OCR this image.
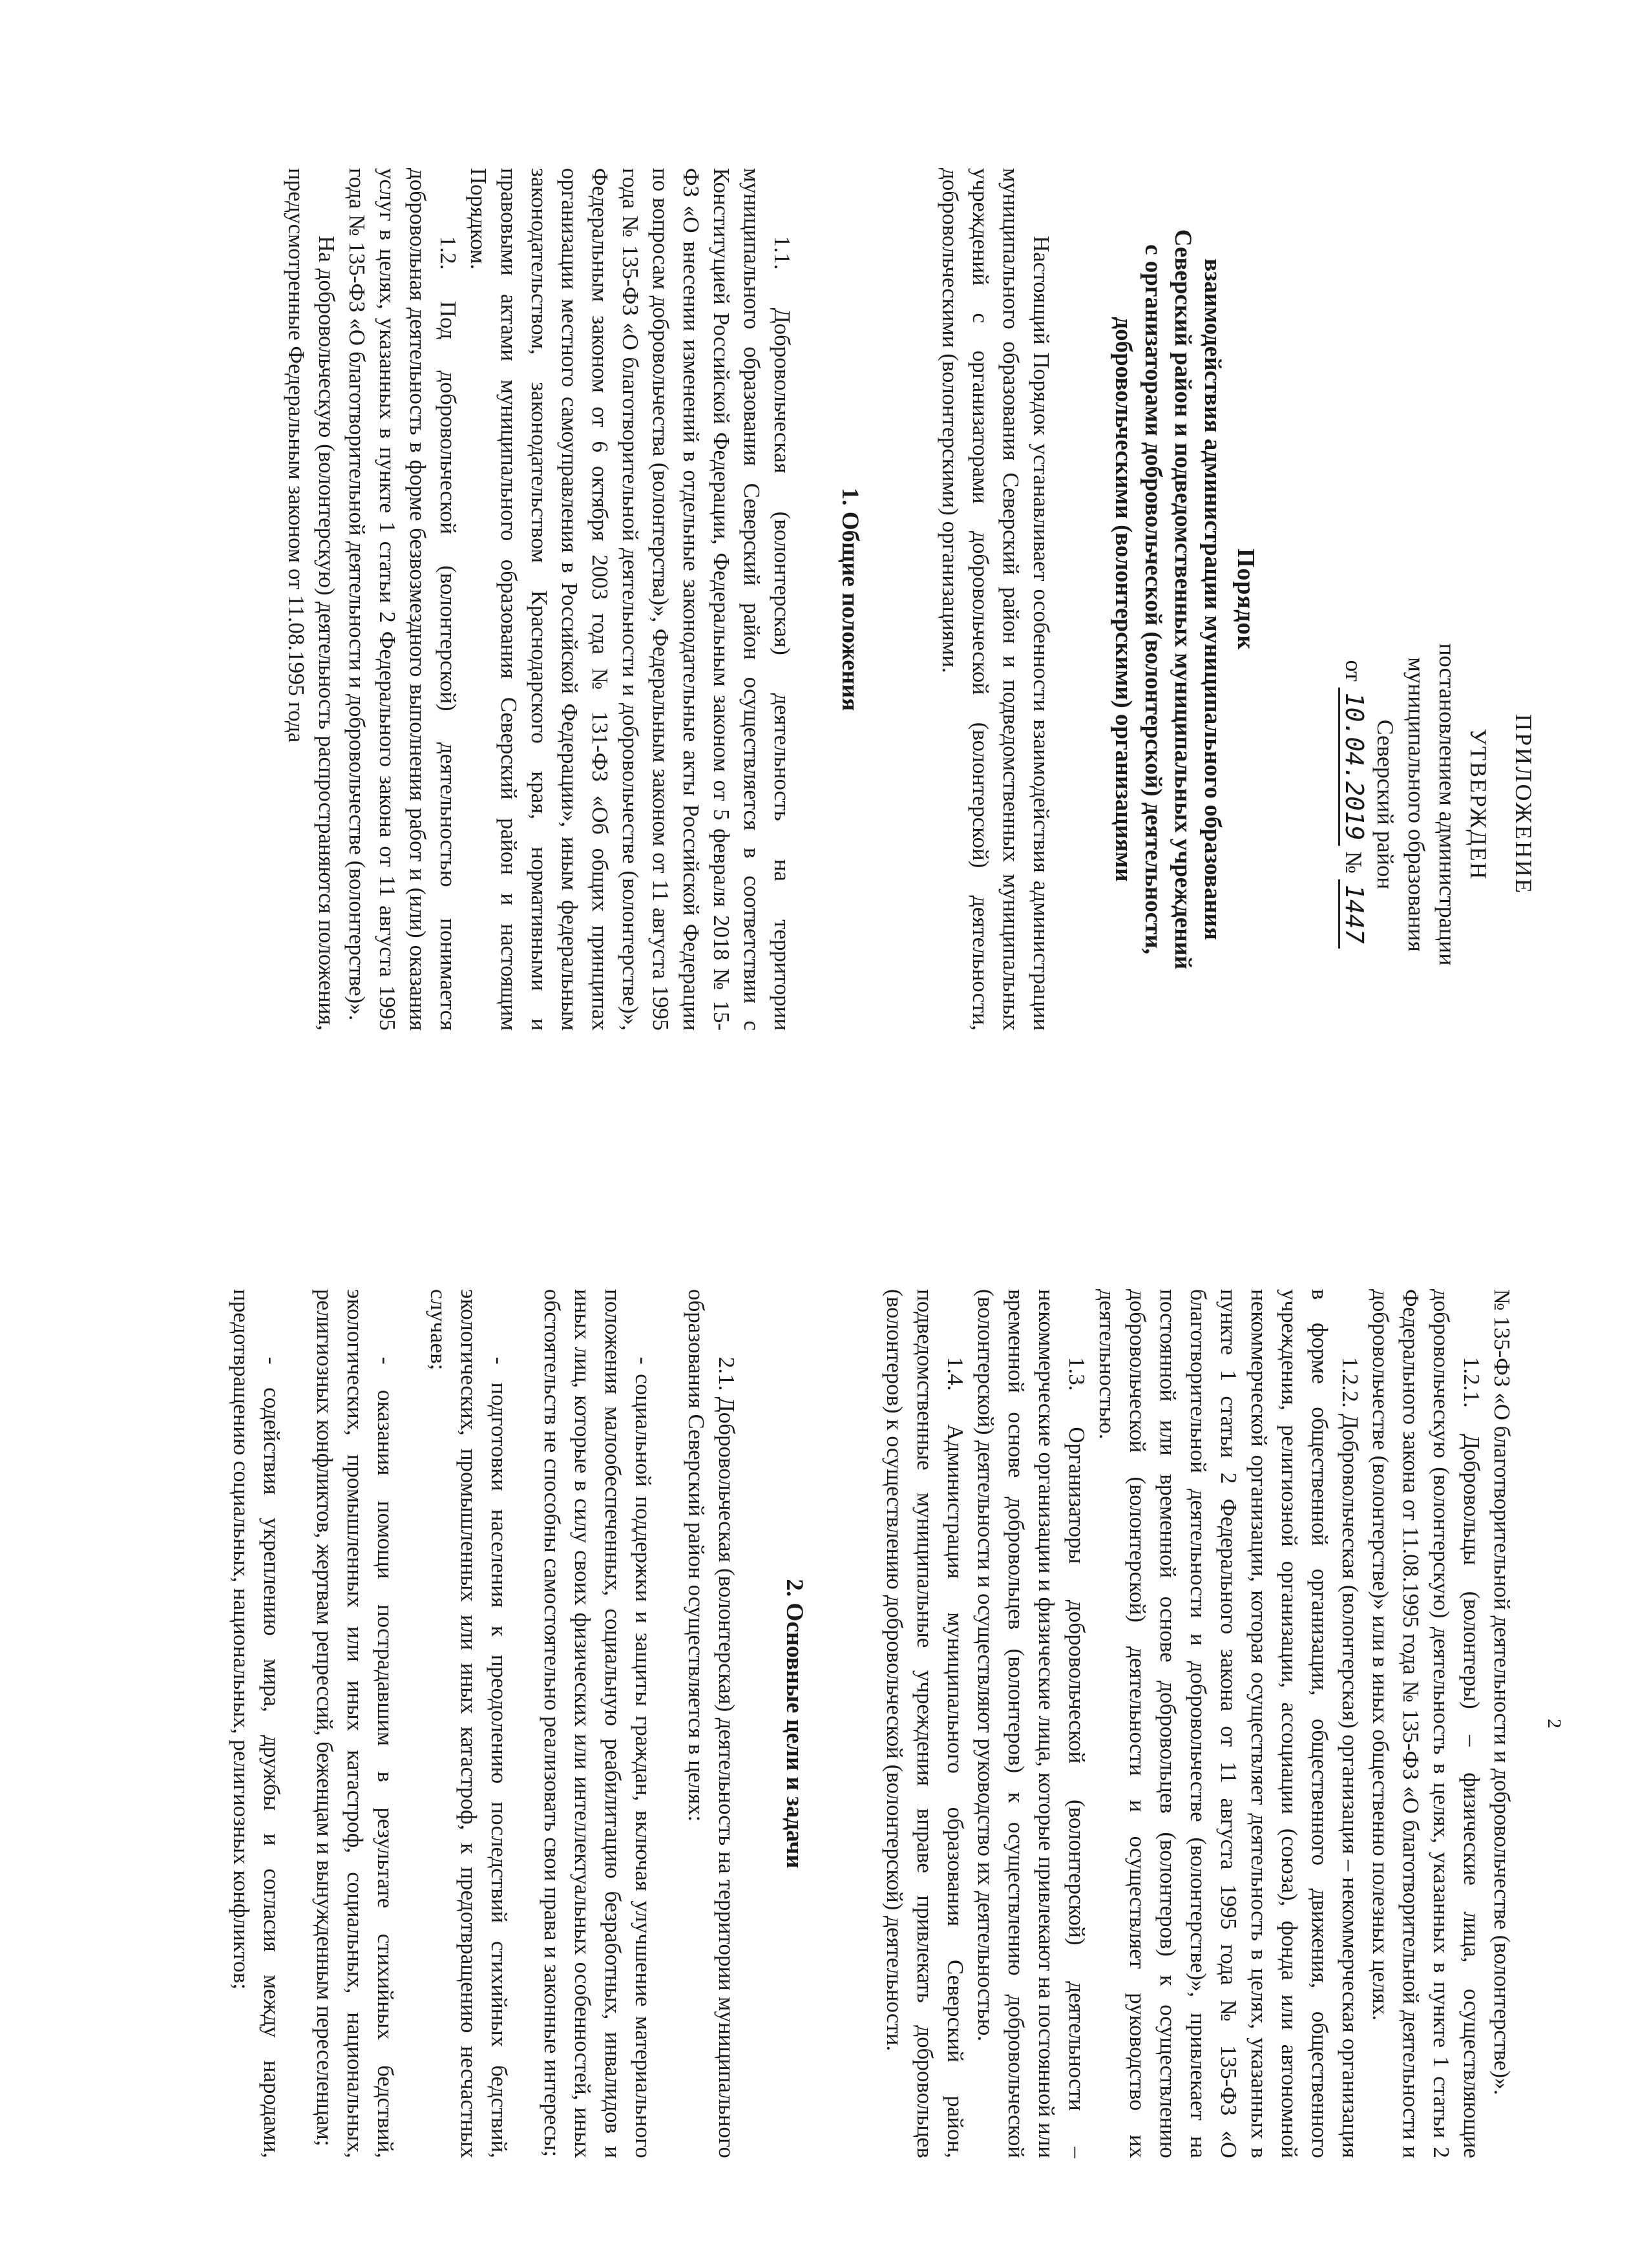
ПРИЛОЖЕНИЕ
УТВЕРЖДЕН
постановлением администрации
муниципального образования
Северский район
от 10.04.2019 № 1447
Порядок
взаимодействия администрации муниципального образования
Северский район и подведомственных муниципальных учреждений
с организаторами добровольческой (волонтерской) деятельности,
добровольческими (волонтерскими) организациями

Настоящий Порядок устанавливает особенности взаимодействия администрации муниципального образования Северский район и подведомственных муниципальных учреждений с организаторами добровольческой (волонтерской) деятельности, добровольческими (волонтерскими) организациями.

1. Общие положения

1.1. Добровольческая (волонтерская) деятельность на территории муниципального образования Северский район осуществляется в соответствии с Конституцией Российской Федерации, Федеральным законом от 5 февраля 2018 № 15-ФЗ «О внесении изменений в отдельные законодательные акты Российской Федерации по вопросам добровольчества (волонтерства)», Федеральным законом от 11 августа 1995 года № 135-ФЗ «О благотворительной деятельности и добровольчестве (волонтерстве)», Федеральным законом от 6 октября 2003 года № 131-ФЗ «Об общих принципах организации местного самоуправления в Российской Федерации», иным федеральным законодательством, законодательством Краснодарского края, нормативными и правовыми актами муниципального образования Северский район и настоящим Порядком.

1.2. Под добровольческой (волонтерской) деятельностью понимается добровольная деятельность в форме безвозмездного выполнения работ и (или) оказания услуг в целях, указанных в пункте 1 статьи 2 Федерального закона от 11 августа 1995 года № 135-ФЗ «О благотворительной деятельности и добровольчестве (волонтерстве)».

На добровольческую (волонтерскую) деятельность распространяются положения, предусмотренные Федеральным законом от 11.08.1995 года

2

№ 135-ФЗ «О благотворительной деятельности и добровольчестве (волонтерстве)».

1.2.1. Добровольцы (волонтеры) – физические лица, осуществляющие добровольческую (волонтерскую) деятельность в целях, указанных в пункте 1 статьи 2 Федерального закона от 11.08.1995 года № 135-ФЗ «О благотворительной деятельности и добровольчестве (волонтерстве)» или в иных общественно полезных целях.

1.2.2. Добровольческая (волонтерская) организация – некоммерческая организация в форме общественной организации, общественного движения, общественного учреждения, религиозной организации, ассоциации (союза), фонда или автономной некоммерческой организации, которая осуществляет деятельность в целях, указанных в пункте 1 статьи 2 Федерального закона от 11 августа 1995 года № 135-ФЗ «О благотворительной деятельности и добровольчестве (волонтерстве)», привлекает на постоянной или временной основе добровольцев (волонтеров) к осуществлению добровольческой (волонтерской) деятельности и осуществляет руководство их деятельностью.

1.3. Организаторы добровольческой (волонтерской) деятельности – некоммерческие организации и физические лица, которые привлекают на постоянной или временной основе добровольцев (волонтеров) к осуществлению добровольческой (волонтерской) деятельности и осуществляют руководство их деятельностью.

1.4. Администрация муниципального образования Северский район, подведомственные муниципальные учреждения вправе привлекать добровольцев (волонтеров) к осуществлению добровольческой (волонтерской) деятельности.

2. Основные цели и задачи

2.1. Добровольческая (волонтерская) деятельность на территории муниципального образования Северский район осуществляется в целях:

- социальной поддержки и защиты граждан, включая улучшение материального положения малообеспеченных, социальную реабилитацию безработных, инвалидов и иных лиц, которые в силу своих физических или интеллектуальных особенностей, иных обстоятельств не способны самостоятельно реализовать свои права и законные интересы;

- подготовки населения к преодолению последствий стихийных бедствий, экологических, промышленных или иных катастроф, к предотвращению несчастных случаев;

- оказания помощи пострадавшим в результате стихийных бедствий, экологических, промышленных или иных катастроф, социальных, национальных, религиозных конфликтов, жертвам репрессий, беженцам и вынужденным переселенцам;

- содействия укреплению мира, дружбы и согласия между народами, предотвращению социальных, национальных, религиозных конфликтов;
